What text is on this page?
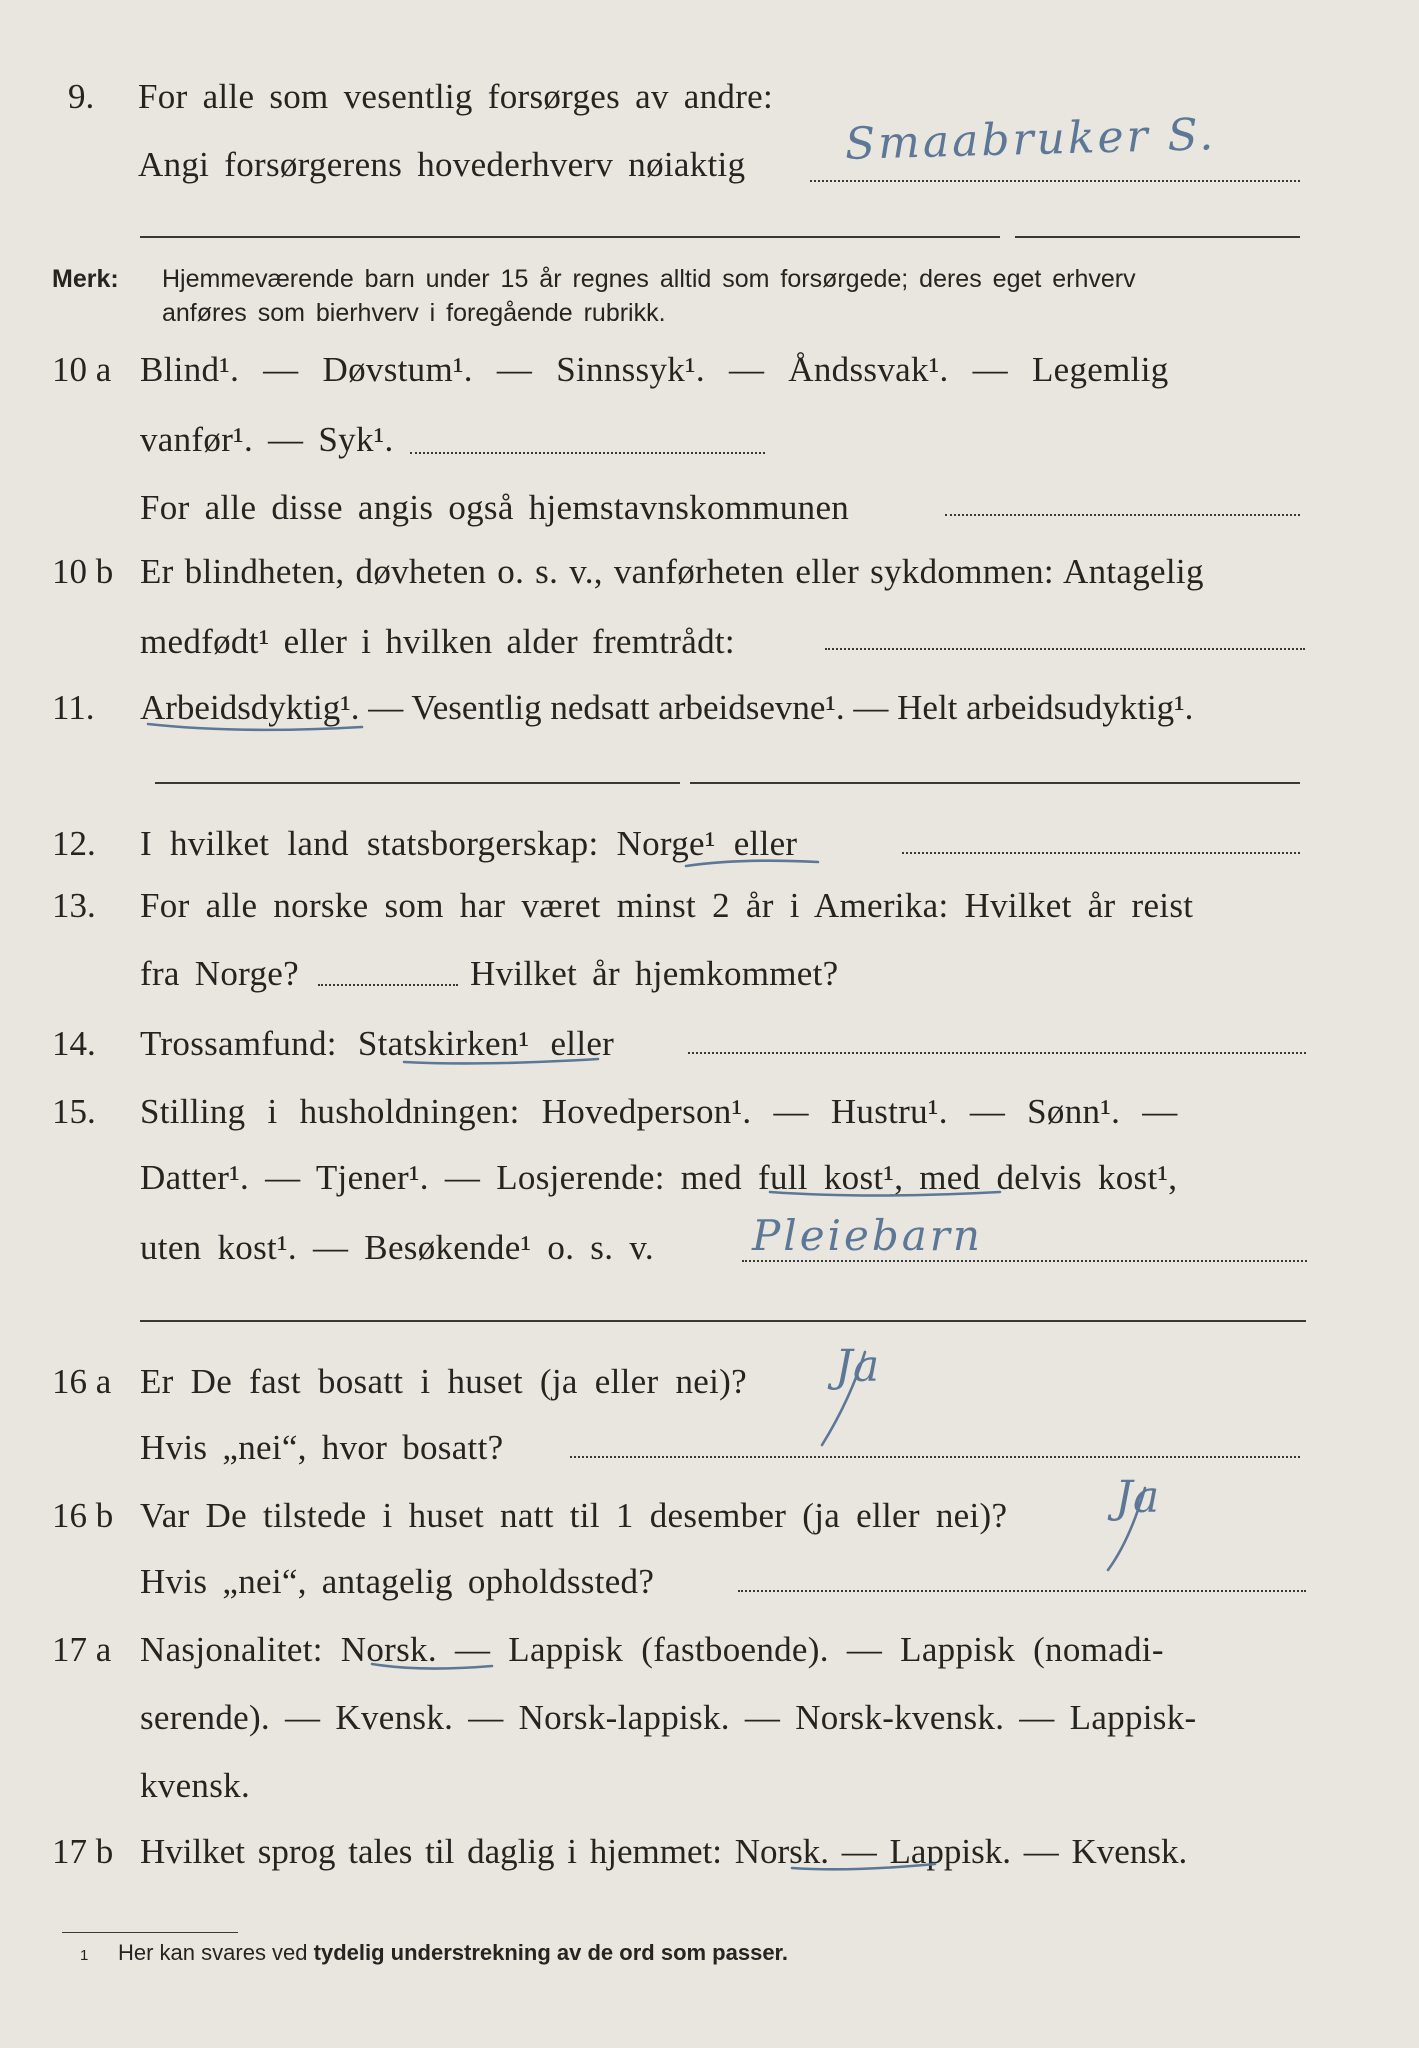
9. For alle som vesentlig forsørges av andre:
Angi forsørgerens hovederhverv nøiaktig Smaabruker S.
Merk: Hjemmeværende barn under 15 år regnes alltid som forsørgede; deres eget erhverv
anføres som bierhverv i foregående rubrikk.
10 a Blind¹. — Døvstum¹. — Sinnssyk¹. — Åndssvak¹. — Legemlig
vanfør¹. — Syk¹.
For alle disse angis også hjemstavnskommunen
10 b Er blindheten, døvheten o. s. v., vanførheten eller sykdommen: Antagelig
medfødt¹ eller i hvilken alder fremtrådt:
11. Arbeidsdyktig¹. — Vesentlig nedsatt arbeidsevne¹. — Helt arbeidsudyktig¹.
12. I hvilket land statsborgerskap: Norge¹ eller
13. For alle norske som har været minst 2 år i Amerika: Hvilket år reist
fra Norge?	Hvilket år hjemkommet?
14. Trossamfund: Statskirken¹ eller
15. Stilling i husholdningen: Hovedperson¹. — Hustru¹. — Sønn¹. —
Datter¹. — Tjener¹. — Losjerende: med full kost¹, med delvis kost¹,
uten kost¹. — Besøkende¹ o. s. v. Pleiebarn
16 a Er De fast bosatt i huset (ja eller nei)? Ja
Hvis „nei“, hvor bosatt?
16 b Var De tilstede i huset natt til 1 desember (ja eller nei)? Ja
Hvis „nei“, antagelig opholdssted?
17 a Nasjonalitet: Norsk. — Lappisk (fastboende). — Lappisk (nomadi-
serende). — Kvensk. — Norsk-lappisk. — Norsk-kvensk. — Lappisk-
kvensk.
17 b Hvilket sprog tales til daglig i hjemmet: Norsk. — Lappisk. — Kvensk.
1 Her kan svares ved tydelig understrekning av de ord som passer.
